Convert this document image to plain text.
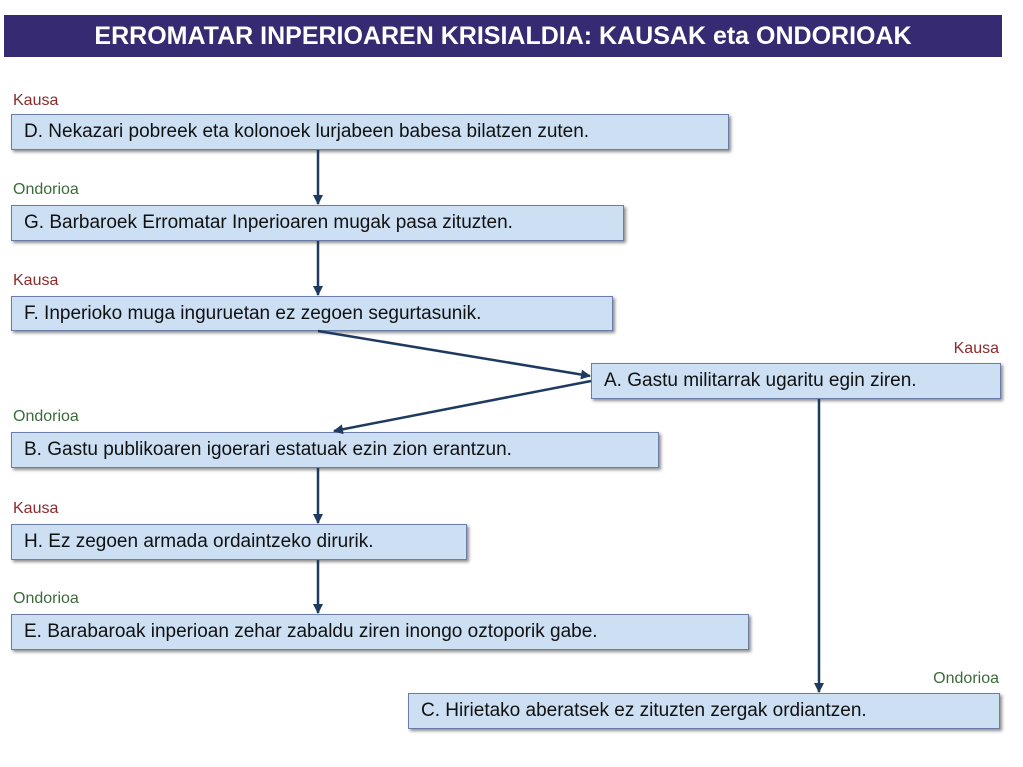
ERROMATAR INPERIOAREN KRISIALDIA: KAUSAK eta ONDORIOAK
Kausa
Ondorioa
Kausa
Kausa
Ondorioa
Kausa
Ondorioa
Ondorioa
D. Nekazari pobreek eta kolonoek lurjabeen babesa bilatzen zuten.
G. Barbaroek Erromatar Inperioaren mugak pasa zituzten.
F. Inperioko muga inguruetan ez zegoen segurtasunik.
A. Gastu militarrak ugaritu egin ziren.
B. Gastu publikoaren igoerari estatuak ezin zion erantzun.
H. Ez zegoen armada ordaintzeko dirurik.
E. Barabaroak inperioan zehar zabaldu ziren inongo oztoporik gabe.
C. Hirietako aberatsek ez zituzten zergak ordiantzen.
